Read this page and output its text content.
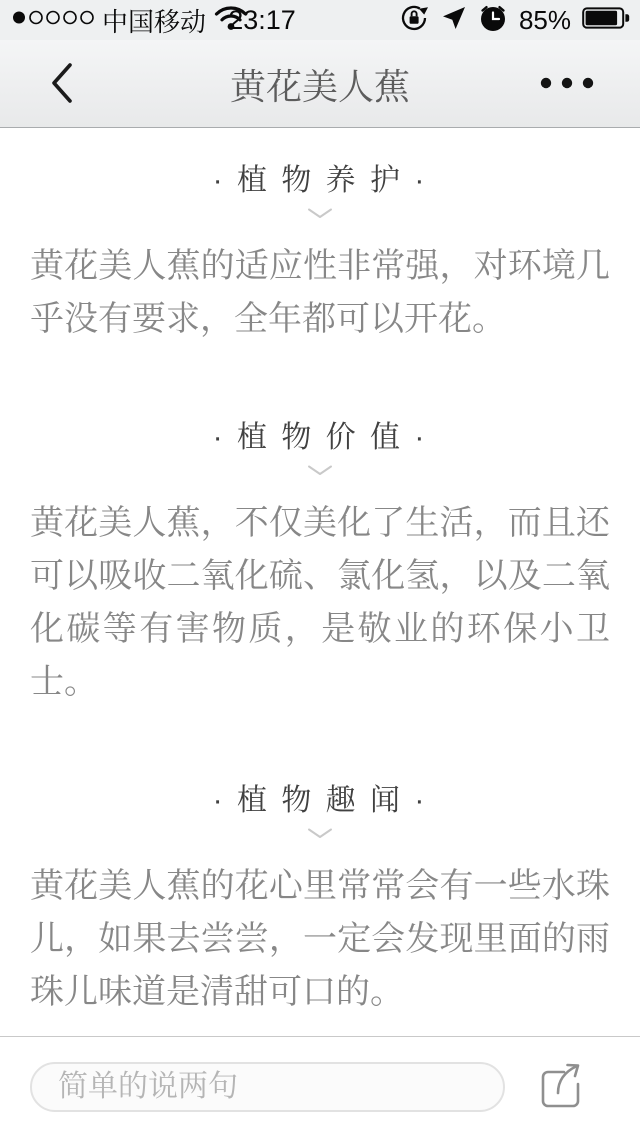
中国移动 23:17	85%
黄花美人蕉
· 植 物 养 护 ·
黄花美人蕉的适应性非常强，对环境几乎没有要求，全年都可以开花。
· 植 物 价 值 ·
黄花美人蕉，不仅美化了生活，而且还可以吸收二氧化硫、氯化氢，以及二氧化碳等有害物质，是敬业的环保小卫士。
· 植 物 趣 闻 ·
黄花美人蕉的花心里常常会有一些水珠儿，如果去尝尝，一定会发现里面的雨珠儿味道是清甜可口的。
简单的说两句
